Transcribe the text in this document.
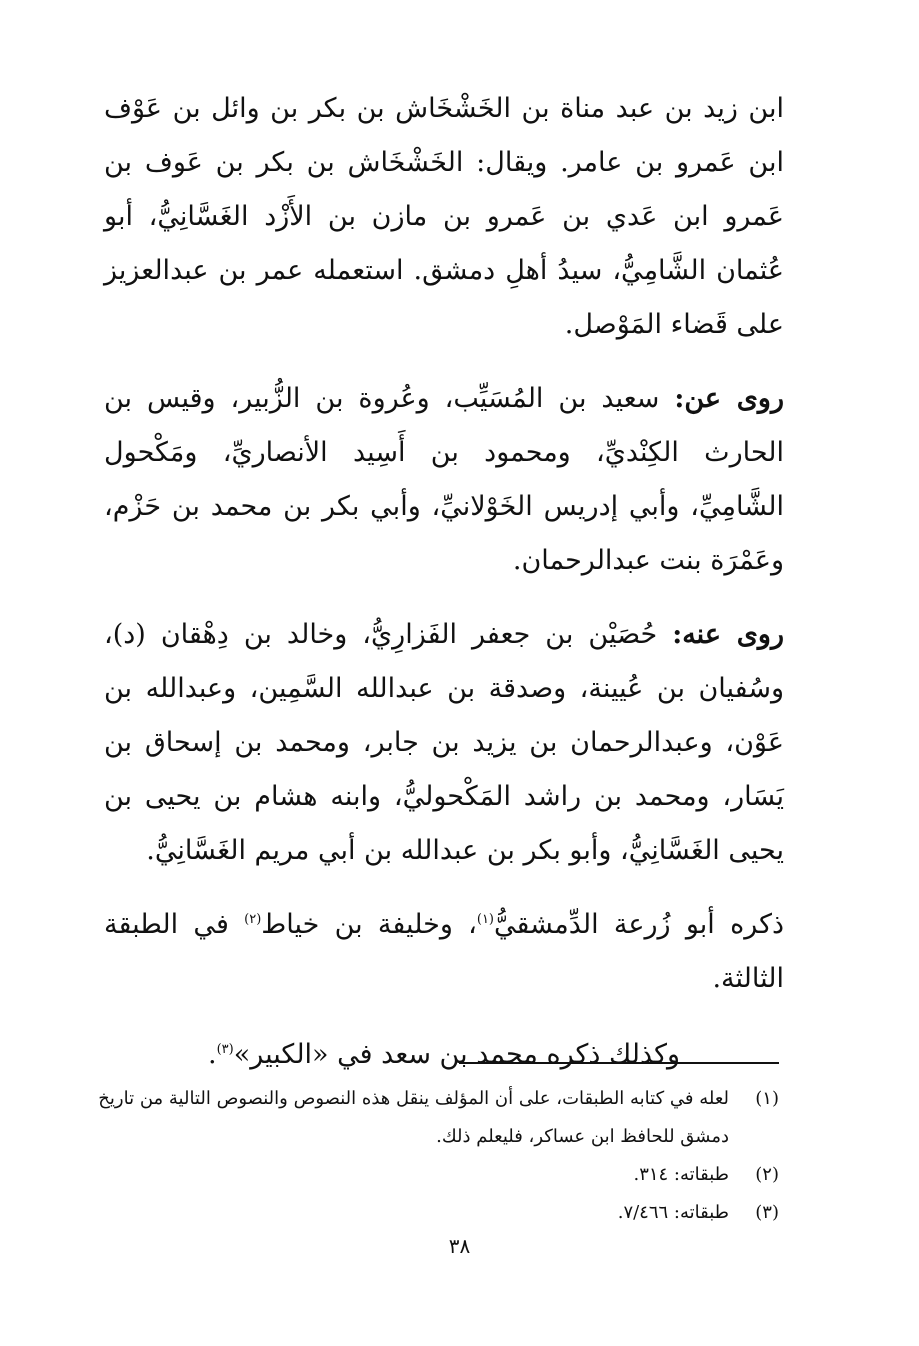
ابن زيد بن عبد مناة بن الخَشْخَاش بن بكر بن وائل بن عَوْف ابن عَمرو بن عامر. ويقال: الخَشْخَاش بن بكر بن عَوف بن عَمرو ابن عَدي بن عَمرو بن مازن بن الأَزْد الغَسَّانِيُّ، أبو عُثمان الشَّامِيُّ، سيدُ أهلِ دمشق. استعمله عمر بن عبدالعزيز على قَضاء المَوْصل.

روى عن: سعيد بن المُسَيِّب، وعُروة بن الزُّبير، وقيس بن الحارث الكِنْديِّ، ومحمود بن أَسِيد الأنصاريِّ، ومَكْحول الشَّامِيِّ، وأبي إدريس الخَوْلانيِّ، وأبي بكر بن محمد بن حَزْم، وعَمْرَة بنت عبدالرحمان.

روى عنه: حُصَيْن بن جعفر الفَزارِيُّ، وخالد بن دِهْقان (د)، وسُفيان بن عُيينة، وصدقة بن عبدالله السَّمِين، وعبدالله بن عَوْن، وعبدالرحمان بن يزيد بن جابر، ومحمد بن إسحاق بن يَسَار، ومحمد بن راشد المَكْحوليُّ، وابنه هشام بن يحيى بن يحيى الغَسَّانِيُّ، وأبو بكر بن عبدالله بن أبي مريم الغَسَّانِيُّ.

ذكره أبو زُرعة الدِّمشقيُّ$^{(١)}$، وخليفة بن خياط$^{(٢)}$ في الطبقة الثالثة.

وكذلك ذكره محمد بن سعد في «الكبير»$^{(٣)}$.

(١)
لعله في كتابه الطبقات، على أن المؤلف ينقل هذه النصوص والنصوص التالية من تاريخ دمشق للحافظ ابن عساكر، فليعلم ذلك.
(٢)
طبقاته: ٣١٤.
(٣)
طبقاته: ٧/٤٦٦.
٣٨
